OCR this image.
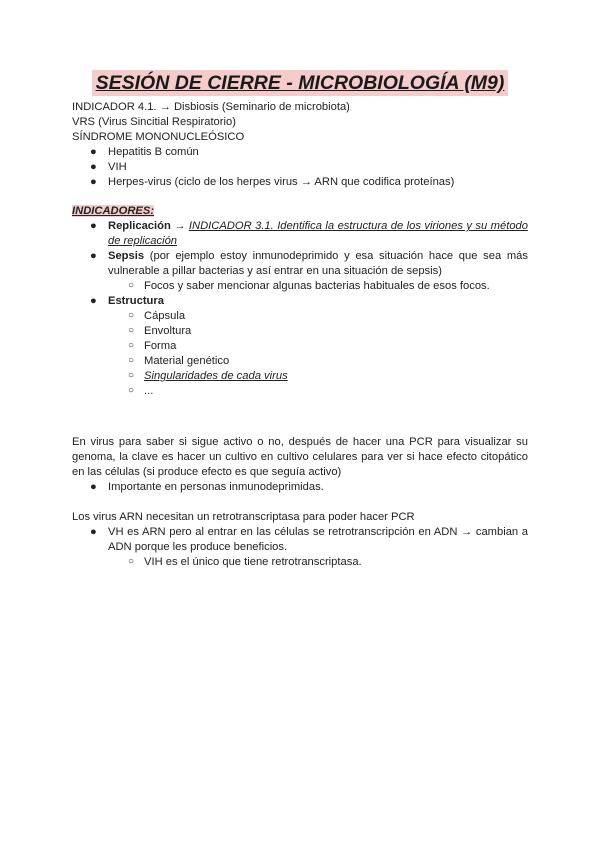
SESIÓN DE CIERRE - MICROBIOLOGÍA (M9)

INDICADOR 4.1. → Disbiosis (Seminario de microbiota)

VRS (Virus Sincitial Respiratorio)

SÍNDROME MONONUCLEÓSICO

● Hepatitis B común
● VIH
● Herpes-virus (ciclo de los herpes virus → ARN que codifica proteínas)

INDICADORES:

● Replicación → INDICADOR 3.1. Identifica la estructura de los viriones y su método de replicación
● Sepsis (por ejemplo estoy inmunodeprimido y esa situación hace que sea más vulnerable a pillar bacterias y así entrar en una situación de sepsis)
○ Focos y saber mencionar algunas bacterias habituales de esos focos.
● Estructura
○ Cápsula
○ Envoltura
○ Forma
○ Material genético
○ Singularidades de cada virus
○ ...

En virus para saber si sigue activo o no, después de hacer una PCR para visualizar su genoma, la clave es hacer un cultivo en cultivo celulares para ver si hace efecto citopático en las células (si produce efecto es que seguía activo)

● Importante en personas inmunodeprimidas.

Los virus ARN necesitan un retrotranscriptasa para poder hacer PCR

● VH es ARN pero al entrar en las células se retrotranscripción en ADN → cambian a ADN porque les produce beneficios.
○ VIH es el único que tiene retrotranscriptasa.
